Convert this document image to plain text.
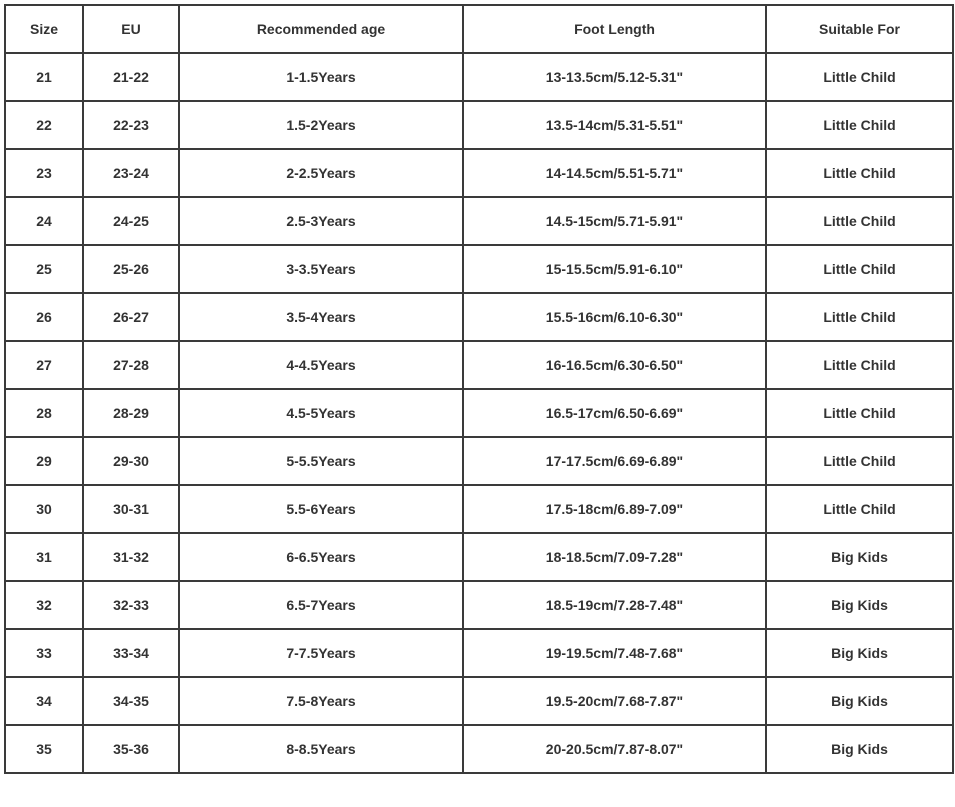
Size	EU	Recommended age	Foot Length	Suitable For
21	21-22	1-1.5Years	13-13.5cm/5.12-5.31"	Little Child
22	22-23	1.5-2Years	13.5-14cm/5.31-5.51"	Little Child
23	23-24	2-2.5Years	14-14.5cm/5.51-5.71"	Little Child
24	24-25	2.5-3Years	14.5-15cm/5.71-5.91"	Little Child
25	25-26	3-3.5Years	15-15.5cm/5.91-6.10"	Little Child
26	26-27	3.5-4Years	15.5-16cm/6.10-6.30"	Little Child
27	27-28	4-4.5Years	16-16.5cm/6.30-6.50"	Little Child
28	28-29	4.5-5Years	16.5-17cm/6.50-6.69"	Little Child
29	29-30	5-5.5Years	17-17.5cm/6.69-6.89"	Little Child
30	30-31	5.5-6Years	17.5-18cm/6.89-7.09"	Little Child
31	31-32	6-6.5Years	18-18.5cm/7.09-7.28"	Big Kids
32	32-33	6.5-7Years	18.5-19cm/7.28-7.48"	Big Kids
33	33-34	7-7.5Years	19-19.5cm/7.48-7.68"	Big Kids
34	34-35	7.5-8Years	19.5-20cm/7.68-7.87"	Big Kids
35	35-36	8-8.5Years	20-20.5cm/7.87-8.07"	Big Kids
